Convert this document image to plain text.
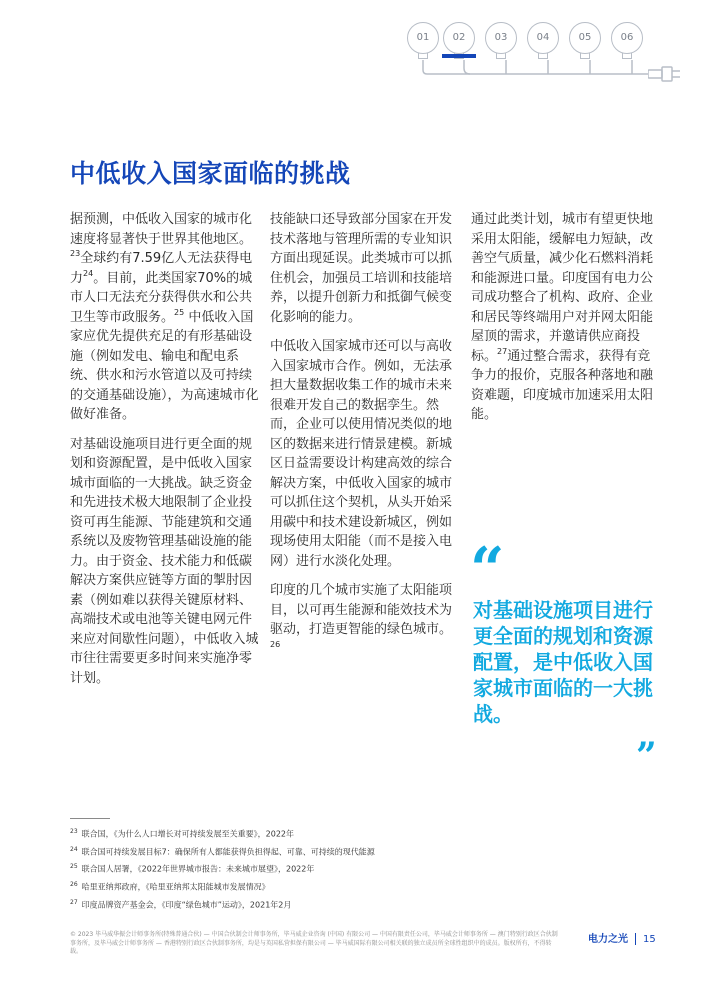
01	02	03	04	05	06
中低收入国家面临的挑战

据预测，中低收入国家的城市化速度将显著快于世界其他地区。$^{23}$全球约有7.59亿人无法获得电力$^{24}$。目前，此类国家70%的城市人口无法充分获得供水和公共卫生等市政服务。$^{25}$ 中低收入国家应优先提供充足的有形基础设施（例如发电、输电和配电系统、供水和污水管道以及可持续的交通基础设施），为高速城市化做好准备。

对基础设施项目进行更全面的规划和资源配置，是中低收入国家城市面临的一大挑战。缺乏资金和先进技术极大地限制了企业投资可再生能源、节能建筑和交通系统以及废物管理基础设施的能力。由于资金、技术能力和低碳解决方案供应链等方面的掣肘因素（例如难以获得关键原材料、高端技术或电池等关键电网元件来应对间歇性问题），中低收入城市往往需要更多时间来实施净零计划。

技能缺口还导致部分国家在开发技术落地与管理所需的专业知识方面出现延误。此类城市可以抓住机会，加强员工培训和技能培养，以提升创新力和抵御气候变化影响的能力。

中低收入国家城市还可以与高收入国家城市合作。例如，无法承担大量数据收集工作的城市未来很难开发自己的数据孪生。然而，企业可以使用情况类似的地区的数据来进行情景建模。新城区日益需要设计构建高效的综合解决方案，中低收入国家的城市可以抓住这个契机，从头开始采用碳中和技术建设新城区，例如现场使用太阳能（而不是接入电网）进行水淡化处理。

印度的几个城市实施了太阳能项目，以可再生能源和能效技术为驱动，打造更智能的绿色城市。$^{26}$

通过此类计划，城市有望更快地采用太阳能，缓解电力短缺，改善空气质量，减少化石燃料消耗和能源进口量。印度国有电力公司成功整合了机构、政府、企业和居民等终端用户对并网太阳能屋顶的需求，并邀请供应商投标。$^{27}$通过整合需求，获得有竞争力的报价，克服各种落地和融资难题，印度城市加速采用太阳能。

“
对基础设施项目进行更全面的规划和资源配置，是中低收入国家城市面临的一大挑战。
”
$^{23}$ 联合国，《为什么人口增长对可持续发展至关重要》，2022年
$^{24}$ 联合国可持续发展目标7：确保所有人都能获得负担得起、可靠、可持续的现代能源
$^{25}$ 联合国人居署，《2022年世界城市报告：未来城市展望》，2022年
$^{26}$ 哈里亚纳邦政府，《哈里亚纳邦太阳能城市发展情况》
$^{27}$ 印度品牌资产基金会，《印度“绿色城市”运动》，2021年2月
© 2023 毕马威华振会计师事务所(特殊普通合伙) — 中国合伙制会计师事务所，毕马威企业咨询 (中国) 有限公司 — 中国有限责任公司，毕马威会计师事务所 — 澳门特别行政区合伙制事务所，及毕马威会计师事务所 — 香港特别行政区合伙制事务所，均是与英国私营担保有限公司 — 毕马威国际有限公司相关联的独立成员所全球性组织中的成员。版权所有，不得转载。
电力之光 15
